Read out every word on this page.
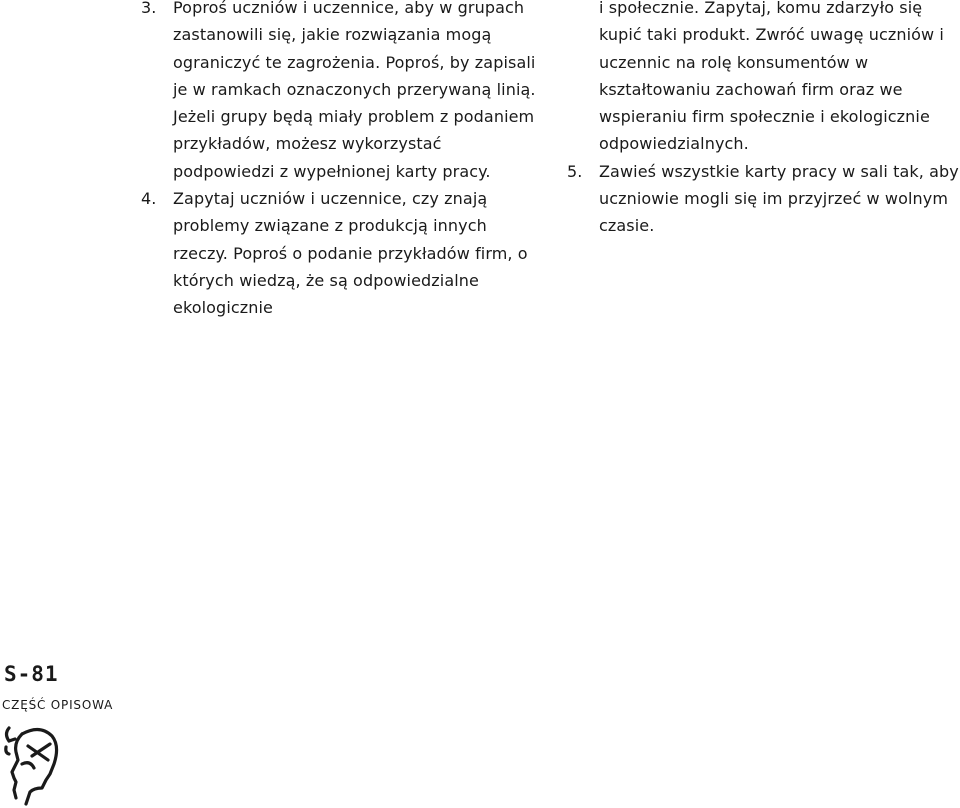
3. Poproś uczniów i uczennice, aby w grupach zastanowili się, jakie rozwiązania mogą ograniczyć te zagrożenia. Poproś, by zapisali je w ramkach oznaczonych przerywaną linią.
Jeżeli grupy będą miały problem z podaniem przykładów, możesz wykorzystać podpowiedzi z wypełnionej karty pracy.
4. Zapytaj uczniów i uczennice, czy znają problemy związane z produkcją innych rzeczy. Poproś o podanie przykładów firm, o których wiedzą, że są odpowiedzialne ekologicznie
i społecznie. Zapytaj, komu zdarzyło się kupić taki produkt. Zwróć uwagę uczniów i uczennic na rolę konsumentów w kształtowaniu zachowań firm oraz we wspieraniu firm społecznie i ekologicznie odpowiedzialnych.
5. Zawieś wszystkie karty pracy w sali tak, aby uczniowie mogli się im przyjrzeć w wolnym czasie.
S-81
CZĘŚĆ OPISOWA
